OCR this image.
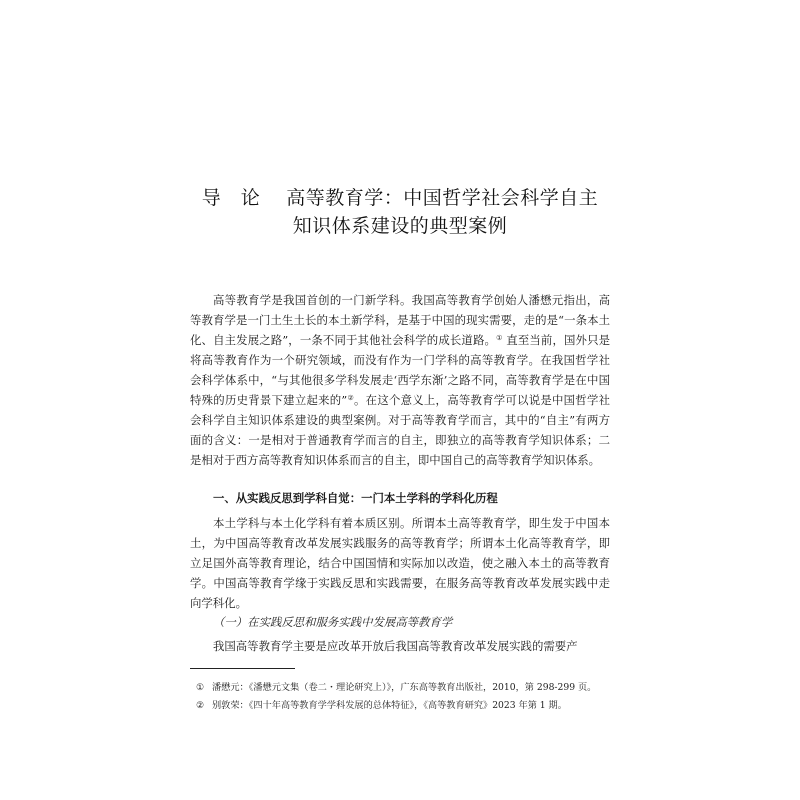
导　论 高等教育学：中国哲学社会科学自主
知识体系建设的典型案例

高等教育学是我国首创的一门新学科。我国高等教育学创始人潘懋元指出，高等教育学是一门土生土长的本土新学科，是基于中国的现实需要，走的是“一条本土化、自主发展之路”，一条不同于其他社会科学的成长道路。① 直至当前，国外只是将高等教育作为一个研究领域，而没有作为一门学科的高等教育学。在我国哲学社会科学体系中，“与其他很多学科发展走‘西学东渐’之路不同，高等教育学是在中国特殊的历史背景下建立起来的”②。在这个意义上，高等教育学可以说是中国哲学社会科学自主知识体系建设的典型案例。对于高等教育学而言，其中的“自主”有两方面的含义：一是相对于普通教育学而言的自主，即独立的高等教育学知识体系；二是相对于西方高等教育知识体系而言的自主，即中国自己的高等教育学知识体系。

一、从实践反思到学科自觉：一门本土学科的学科化历程

本土学科与本土化学科有着本质区别。所谓本土高等教育学，即生发于中国本土，为中国高等教育改革发展实践服务的高等教育学；所谓本土化高等教育学，即立足国外高等教育理论，结合中国国情和实际加以改造，使之融入本土的高等教育学。中国高等教育学缘于实践反思和实践需要，在服务高等教育改革发展实践中走向学科化。

（一）在实践反思和服务实践中发展高等教育学

我国高等教育学主要是应改革开放后我国高等教育改革发展实践的需要产

① 潘懋元：《潘懋元文集（卷二・理论研究上）》，广东高等教育出版社，2010，第 298-299 页。

② 别敦荣：《四十年高等教育学学科发展的总体特征》，《高等教育研究》2023 年第 1 期。
